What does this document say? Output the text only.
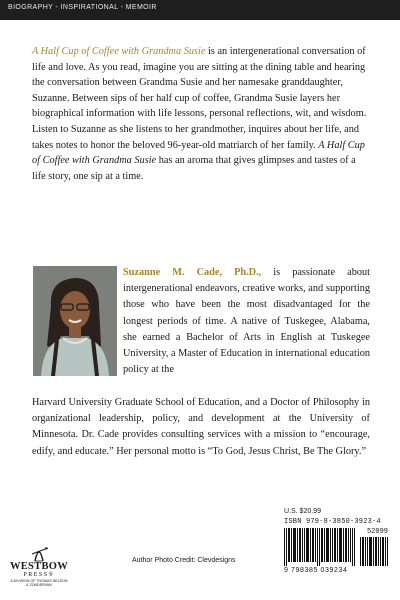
BIOGRAPHY - INSPIRATIONAL - MEMOIR

A Half Cup of Coffee with Grandma Susie is an intergenerational conversation of life and love. As you read, imagine you are sitting at the dining table and hearing the conversation between Grandma Susie and her namesake granddaughter, Suzanne. Between sips of her half cup of coffee, Grandma Susie layers her biographical information with life lessons, personal reflections, wit, and wisdom. Listen to Suzanne as she listens to her grandmother, inquires about her life, and takes notes to honor the beloved 96-year-old matriarch of her family. A Half Cup of Coffee with Grandma Susie has an aroma that gives glimpses and tastes of a life story, one sip at a time.

Suzanne M. Cade, Ph.D., is passionate about intergenerational endeavors, creative works, and supporting those who have been the most disadvantaged for the longest periods of time. A native of Tuskegee, Alabama, she earned a Bachelor of Arts in English at Tuskegee University, a Master of Education in international education policy at the

Harvard University Graduate School of Education, and a Doctor of Philosophy in organizational leadership, policy, and development at the University of Minnesota. Dr. Cade provides consulting services with a mission to “encourage, edify, and educate.” Her personal motto is “To God, Jesus Christ, Be The Glory.”

U.S. $20.99
ISBN 979-8-3850-3923-4
52099
9 798385 039234
Author Photo Credit: Clevdesigns
WESTBOW
PRESS®
A DIVISION OF THOMAS NELSON
& ZONDERVAN
